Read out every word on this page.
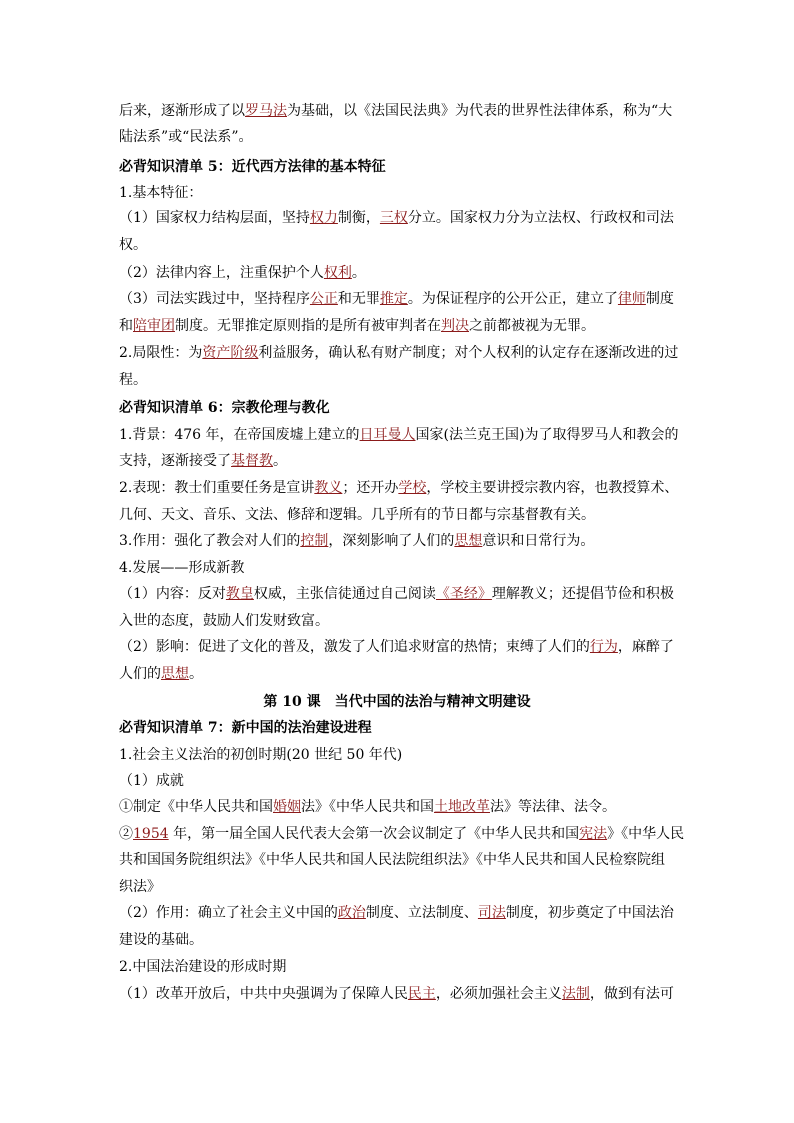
后来，逐渐形成了以罗马法为基础，以《法国民法典》为代表的世界性法律体系，称为“大
陆法系”或“民法系”。
必背知识清单 5：近代西方法律的基本特征
1.基本特征：
（1）国家权力结构层面，坚持权力制衡，三权分立。国家权力分为立法权、行政权和司法
权。
（2）法律内容上，注重保护个人权利。
（3）司法实践过中，坚持程序公正和无罪推定。为保证程序的公开公正，建立了律师制度
和陪审团制度。无罪推定原则指的是所有被审判者在判决之前都被视为无罪。
2.局限性：为资产阶级利益服务，确认私有财产制度；对个人权利的认定存在逐渐改进的过
程。
必背知识清单 6：宗教伦理与教化
1.背景：476 年，在帝国废墟上建立的日耳曼人国家(法兰克王国)为了取得罗马人和教会的
支持，逐渐接受了基督教。
2.表现：教士们重要任务是宣讲教义；还开办学校，学校主要讲授宗教内容，也教授算术、
几何、天文、音乐、文法、修辞和逻辑。几乎所有的节日都与宗基督教有关。
3.作用：强化了教会对人们的控制，深刻影响了人们的思想意识和日常行为。
4.发展——形成新教
（1）内容：反对教皇权威，主张信徒通过自己阅读《圣经》理解教义；还提倡节俭和积极
入世的态度，鼓励人们发财致富。
（2）影响：促进了文化的普及，激发了人们追求财富的热情；束缚了人们的行为，麻醉了
人们的思想。
第 10 课　当代中国的法治与精神文明建设
必背知识清单 7：新中国的法治建设进程
1.社会主义法治的初创时期(20 世纪 50 年代)
（1）成就
①制定《中华人民共和国婚姻法》《中华人民共和国土地改革法》等法律、法令。
②1954 年，第一届全国人民代表大会第一次会议制定了《中华人民共和国宪法》《中华人民
共和国国务院组织法》《中华人民共和国人民法院组织法》《中华人民共和国人民检察院组
织法》
（2）作用：确立了社会主义中国的政治制度、立法制度、司法制度，初步奠定了中国法治
建设的基础。
2.中国法治建设的形成时期
（1）改革开放后，中共中央强调为了保障人民民主，必须加强社会主义法制，做到有法可
